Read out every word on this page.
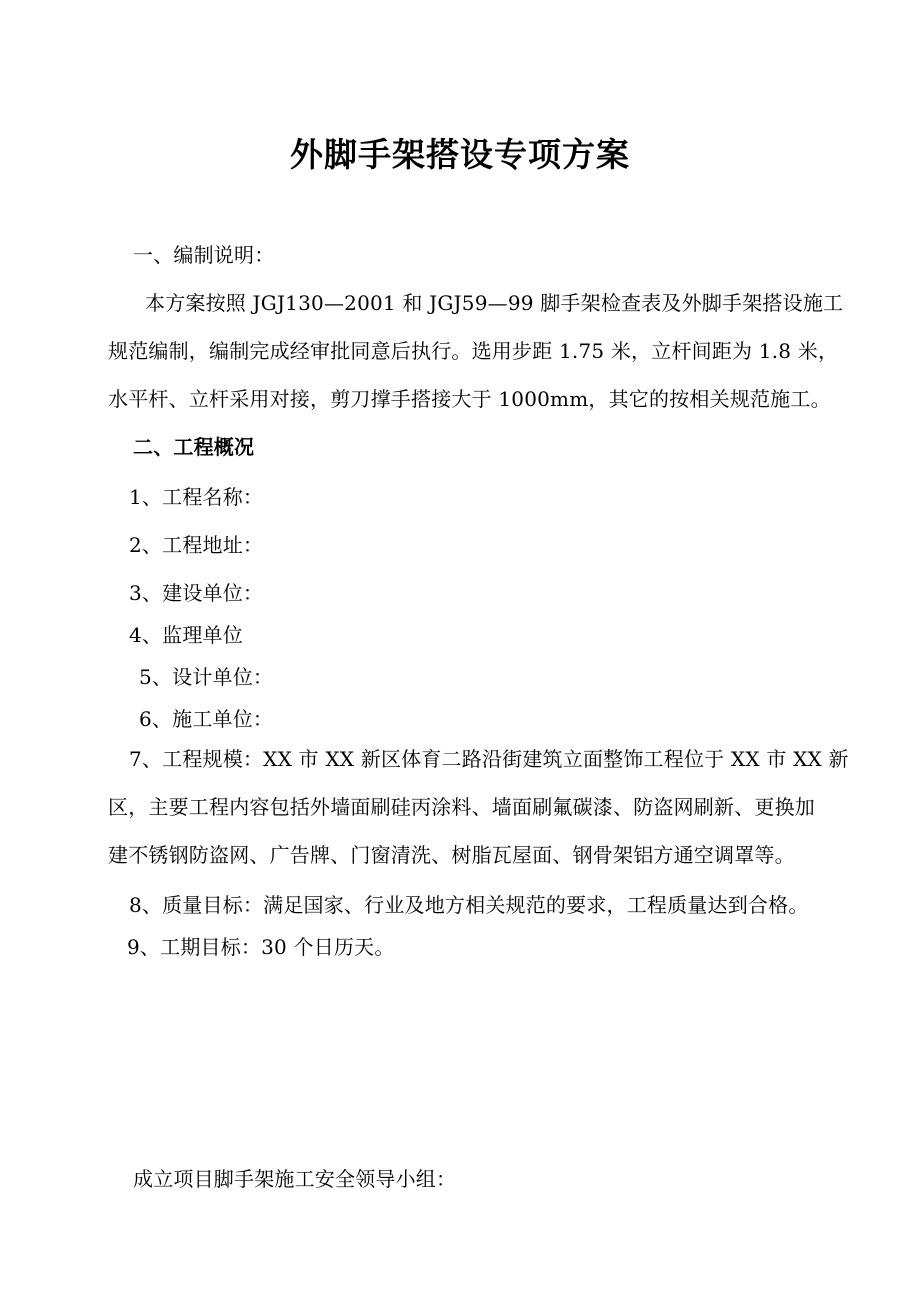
外脚手架搭设专项方案
一、编制说明：
本方案按照 JGJ130—2001 和 JGJ59—99 脚手架检查表及外脚手架搭设施工
规范编制，编制完成经审批同意后执行。选用步距 1.75 米，立杆间距为 1.8 米，
水平杆、立杆采用对接，剪刀撑手搭接大于 1000mm，其它的按相关规范施工。
二、工程概况
1、工程名称：
2、工程地址：
3、建设单位：
4、监理单位
5、设计单位：
6、施工单位：
7、工程规模：XX 市 XX 新区体育二路沿街建筑立面整饰工程位于 XX 市 XX 新
区，主要工程内容包括外墙面刷硅丙涂料、墙面刷氟碳漆、防盗网刷新、更换加
建不锈钢防盗网、广告牌、门窗清洗、树脂瓦屋面、钢骨架铝方通空调罩等。
8、质量目标：满足国家、行业及地方相关规范的要求，工程质量达到合格。
9、工期目标：30 个日历天。
成立项目脚手架施工安全领导小组：
